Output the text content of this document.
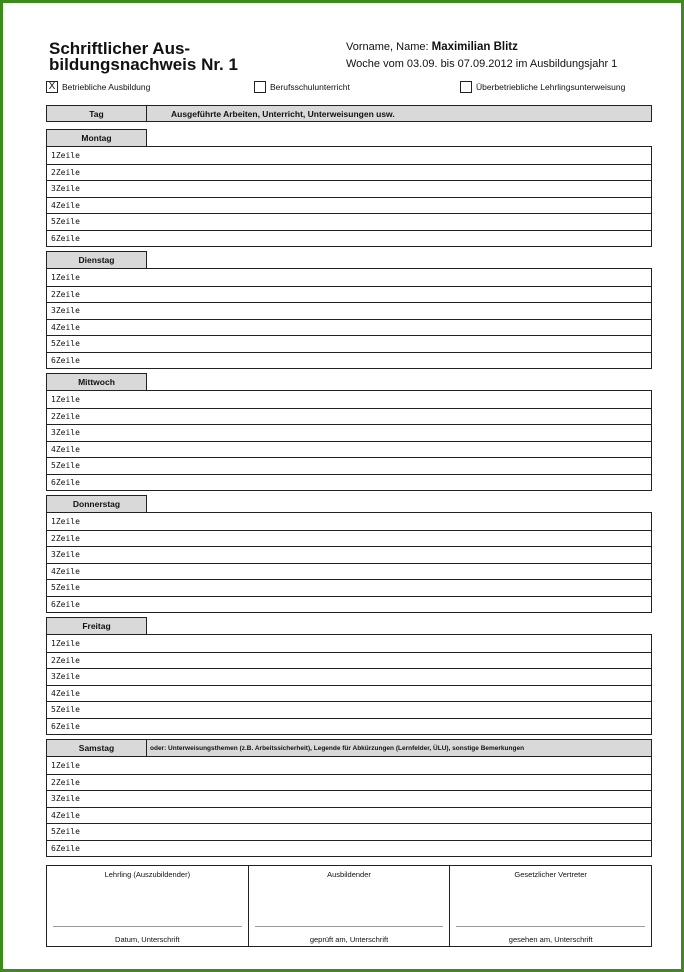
Schriftlicher Aus-
bildungsnachweis Nr. 1
Vorname, Name: Maximilian Blitz
Woche vom 03.09. bis 07.09.2012 im Ausbildungsjahr 1
X Betriebliche Ausbildung	Berufsschulunterricht	Überbetriebliche Lehrlingsunterweisung
Tag	Ausgeführte Arbeiten, Unterricht, Unterweisungen usw.
Montag
1Zeile
2Zeile
3Zeile
4Zeile
5Zeile
6Zeile
Dienstag
1Zeile
2Zeile
3Zeile
4Zeile
5Zeile
6Zeile
Mittwoch
1Zeile
2Zeile
3Zeile
4Zeile
5Zeile
6Zeile
Donnerstag
1Zeile
2Zeile
3Zeile
4Zeile
5Zeile
6Zeile
Freitag
1Zeile
2Zeile
3Zeile
4Zeile
5Zeile
6Zeile
Samstag	oder: Unterweisungsthemen (z.B. Arbeitssicherheit), Legende für Abkürzungen (Lernfelder, ÜLU), sonstige Bemerkungen
1Zeile
2Zeile
3Zeile
4Zeile
5Zeile
6Zeile
Lehrling (Auszubildender)
Datum, Unterschrift
Ausbildender
geprüft am, Unterschrift
Gesetzlicher Vertreter
gesehen am, Unterschrift
